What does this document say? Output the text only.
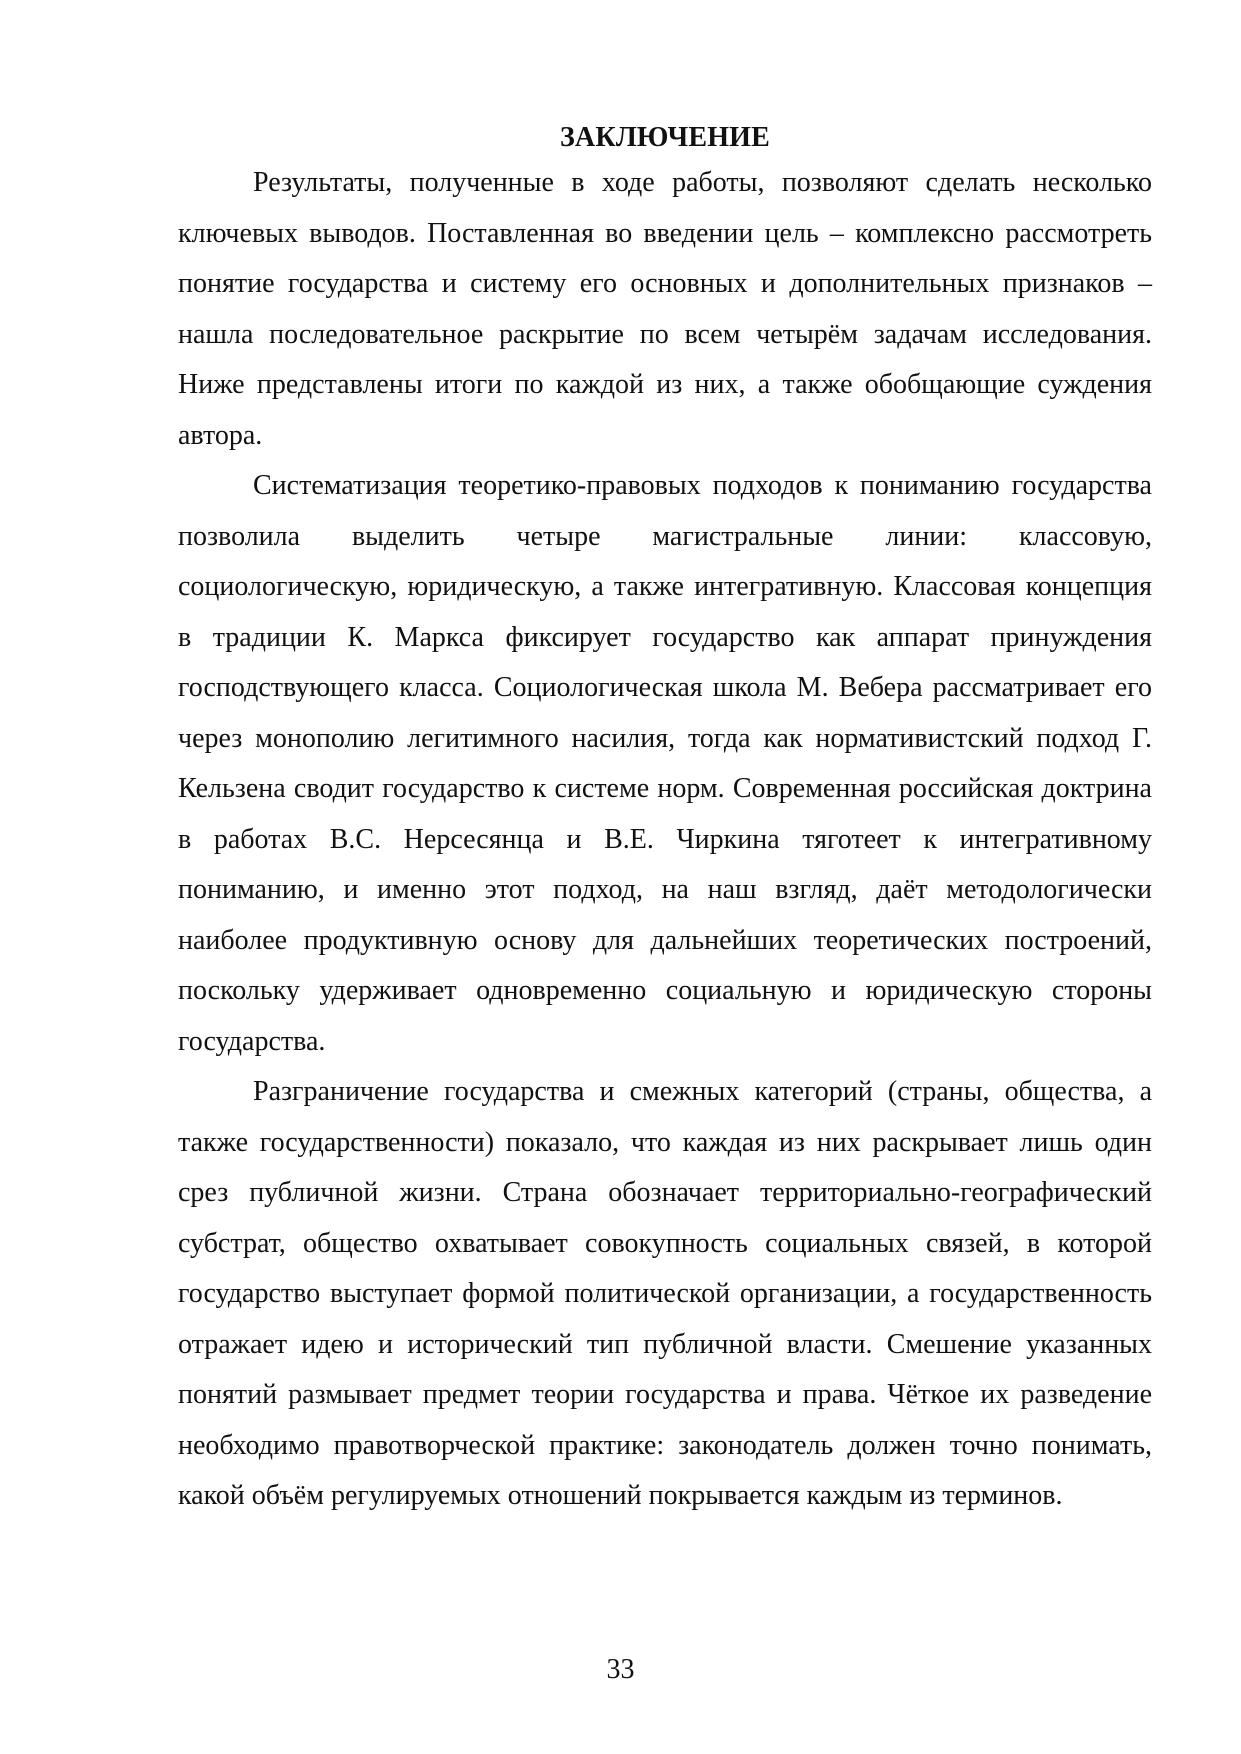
ЗАКЛЮЧЕНИЕ

Результаты, полученные в ходе работы, позволяют сделать несколько ключевых выводов. Поставленная во введении цель – комплексно рассмотреть понятие государства и систему его основных и дополнительных признаков – нашла последовательное раскрытие по всем четырём задачам исследования. Ниже представлены итоги по каждой из них, а также обобщающие суждения автора.

Систематизация теоретико-правовых подходов к пониманию государства позволила выделить четыре магистральные линии: классовую, социологическую, юридическую, а также интегративную. Классовая концепция в традиции К. Маркса фиксирует государство как аппарат принуждения господствующего класса. Социологическая школа М. Вебера рассматривает его через монополию легитимного насилия, тогда как нормативистский подход Г. Кельзена сводит государство к системе норм. Современная российская доктрина в работах В.С. Нерсесянца и В.Е. Чиркина тяготеет к интегративному пониманию, и именно этот подход, на наш взгляд, даёт методологически наиболее продуктивную основу для дальнейших теоретических построений, поскольку удерживает одновременно социальную и юридическую стороны государства.

Разграничение государства и смежных категорий (страны, общества, а также государственности) показало, что каждая из них раскрывает лишь один срез публичной жизни. Страна обозначает территориально-географический субстрат, общество охватывает совокупность социальных связей, в которой государство выступает формой политической организации, а государственность отражает идею и исторический тип публичной власти. Смешение указанных понятий размывает предмет теории государства и права. Чёткое их разведение необходимо правотворческой практике: законодатель должен точно понимать, какой объём регулируемых отношений покрывается каждым из терминов.

33
